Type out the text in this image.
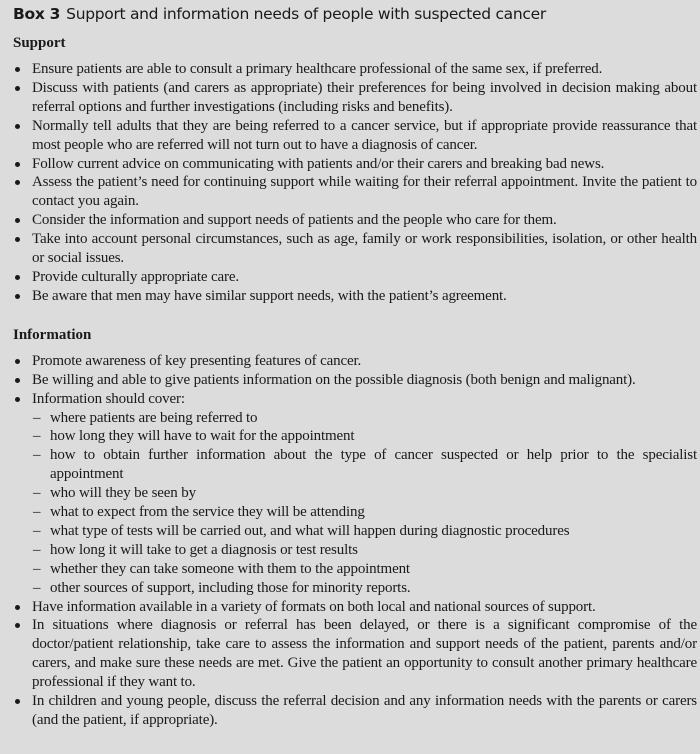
Box 3 Support and information needs of people with suspected cancer
Support
Ensure patients are able to consult a primary healthcare professional of the same sex, if preferred.
Discuss with patients (and carers as appropriate) their preferences for being involved in decision making about referral options and further investigations (including risks and benefits).
Normally tell adults that they are being referred to a cancer service, but if appropriate provide reassurance that most people who are referred will not turn out to have a diagnosis of cancer.
Follow current advice on communicating with patients and/or their carers and breaking bad news.
Assess the patient’s need for continuing support while waiting for their referral appointment. Invite the patient to contact you again.
Consider the information and support needs of patients and the people who care for them.
Take into account personal circumstances, such as age, family or work responsibilities, isolation, or other health or social issues.
Provide culturally appropriate care.
Be aware that men may have similar support needs, with the patient’s agreement.
Information
Promote awareness of key presenting features of cancer.
Be willing and able to give patients information on the possible diagnosis (both benign and malignant).
Information should cover:
– where patients are being referred to
– how long they will have to wait for the appointment
– how to obtain further information about the type of cancer suspected or help prior to the specialist appointment
– who will they be seen by
– what to expect from the service they will be attending
– what type of tests will be carried out, and what will happen during diagnostic procedures
– how long it will take to get a diagnosis or test results
– whether they can take someone with them to the appointment
– other sources of support, including those for minority reports.
Have information available in a variety of formats on both local and national sources of support.
In situations where diagnosis or referral has been delayed, or there is a significant compromise of the doctor/patient relationship, take care to assess the information and support needs of the patient, parents and/or carers, and make sure these needs are met. Give the patient an opportunity to consult another primary healthcare professional if they want to.
In children and young people, discuss the referral decision and any information needs with the parents or carers (and the patient, if appropriate).
